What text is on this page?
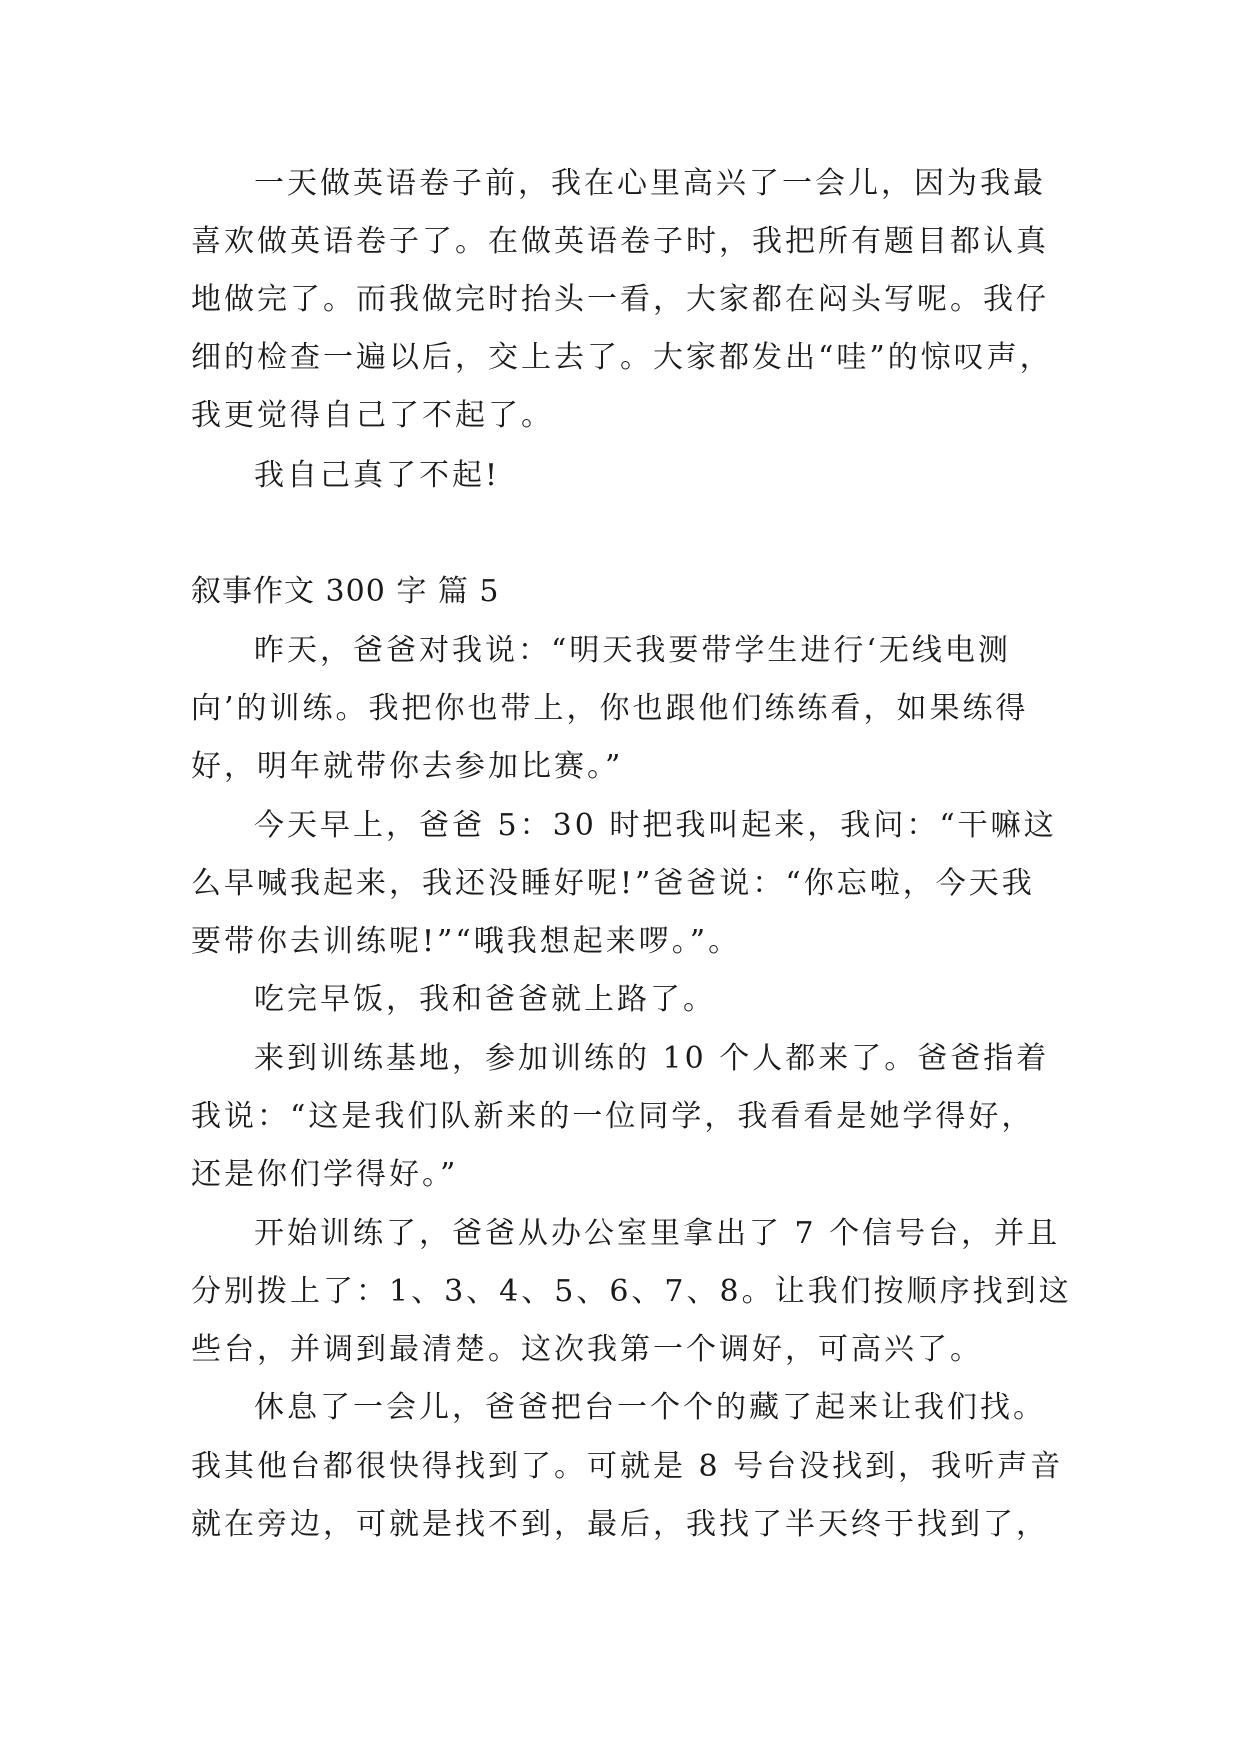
一天做英语卷子前，我在心里高兴了一会儿，因为我最

喜欢做英语卷子了。在做英语卷子时，我把所有题目都认真

地做完了。而我做完时抬头一看，大家都在闷头写呢。我仔

细的检查一遍以后，交上去了。大家都发出“哇”的惊叹声，

我更觉得自己了不起了。

我自己真了不起!

叙事作文 300 字 篇 5

昨天，爸爸对我说：“明天我要带学生进行‘无线电测

向’的训练。我把你也带上，你也跟他们练练看，如果练得

好，明年就带你去参加比赛。”

今天早上，爸爸 5：30 时把我叫起来，我问：“干嘛这

么早喊我起来，我还没睡好呢!”爸爸说：“你忘啦，今天我

要带你去训练呢!”“哦我想起来啰。”。

吃完早饭，我和爸爸就上路了。

来到训练基地，参加训练的 10 个人都来了。爸爸指着

我说：“这是我们队新来的一位同学，我看看是她学得好，

还是你们学得好。”

开始训练了，爸爸从办公室里拿出了 7 个信号台，并且

分别拨上了：1、3、4、5、6、7、8。让我们按顺序找到这

些台，并调到最清楚。这次我第一个调好，可高兴了。

休息了一会儿，爸爸把台一个个的藏了起来让我们找。

我其他台都很快得找到了。可就是 8 号台没找到，我听声音

就在旁边，可就是找不到，最后，我找了半天终于找到了，
